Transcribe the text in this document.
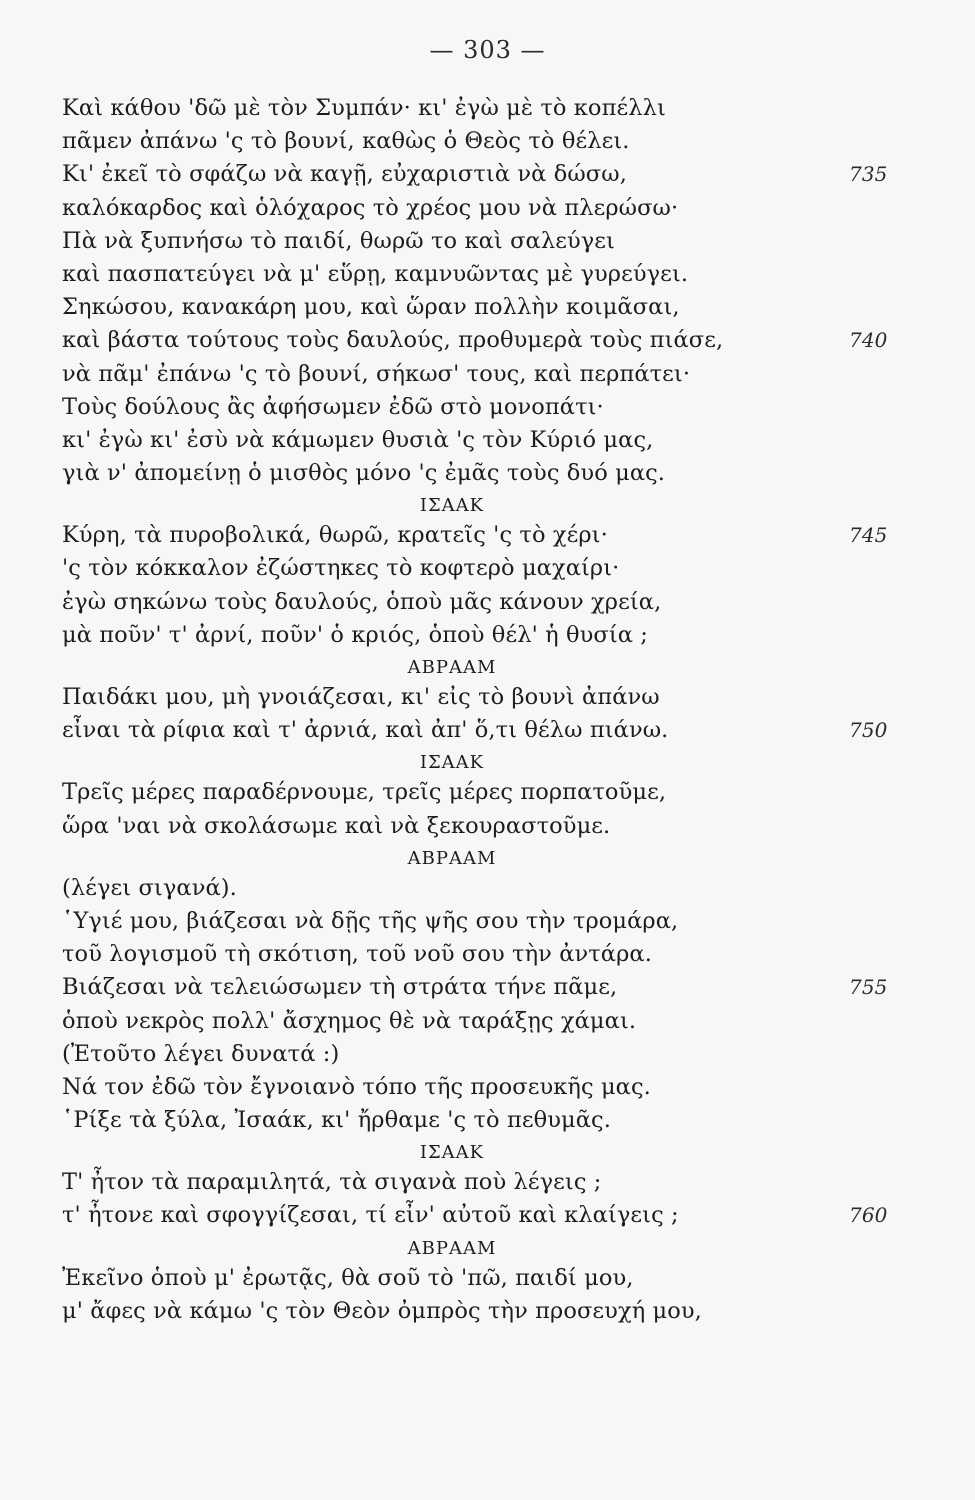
— 303 —
Καὶ κάθου 'δῶ μὲ τὸν Συμπάν· κι' ἐγὼ μὲ τὸ κοπέλλι
πᾶμεν ἀπάνω 'ς τὸ βουνί, καθὼς ὁ Θεὸς τὸ θέλει.
Κι' ἐκεῖ τὸ σφάζω νὰ καγῇ, εὐχαριστιὰ νὰ δώσω,	735
καλόκαρδος καὶ ὁλόχαρος τὸ χρέος μου νὰ πλερώσω·
Πὰ νὰ ξυπνήσω τὸ παιδί, θωρῶ το καὶ σαλεύγει
καὶ πασπατεύγει νὰ μ' εὕρῃ, καμνυῶντας μὲ γυρεύγει.
Σηκώσου, κανακάρη μου, καὶ ὥραν πολλὴν κοιμᾶσαι,
καὶ βάστα τούτους τοὺς δαυλούς, προθυμερὰ τοὺς πιάσε,	740
νὰ πᾶμ' ἐπάνω 'ς τὸ βουνί, σήκωσ' τους, καὶ περπάτει·
Τοὺς δούλους ἂς ἀφήσωμεν ἐδῶ στὸ μονοπάτι·
κι' ἐγὼ κι' ἐσὺ νὰ κάμωμεν θυσιὰ 'ς τὸν Κύριό μας,
γιὰ ν' ἀπομείνῃ ὁ μισθὸς μόνο 'ς ἐμᾶς τοὺς δυό μας.
ΙΣΑΑΚ
Κύρη, τὰ πυροβολικά, θωρῶ, κρατεῖς 'ς τὸ χέρι·	745
'ς τὸν κόκκαλον ἐζώστηκες τὸ κοφτερὸ μαχαίρι·
ἐγὼ σηκώνω τοὺς δαυλούς, ὁποὺ μᾶς κάνουν χρεία,
μὰ ποῦν' τ' ἀρνί, ποῦν' ὁ κριός, ὁποὺ θέλ' ἡ θυσία ;
ΑΒΡΑΑΜ
Παιδάκι μου, μὴ γνοιάζεσαι, κι' εἰς τὸ βουνὶ ἀπάνω
εἶναι τὰ ρίφια καὶ τ' ἀρνιά, καὶ ἀπ' ὅ,τι θέλω πιάνω.	750
ΙΣΑΑΚ
Τρεῖς μέρες παραδέρνουμε, τρεῖς μέρες πορπατοῦμε,
ὥρα 'ναι νὰ σκολάσωμε καὶ νὰ ξεκουραστοῦμε.
ΑΒΡΑΑΜ
(λέγει σιγανά).
῾Υγιέ μου, βιάζεσαι νὰ δῇς τῆς ψῆς σου τὴν τρομάρα,
τοῦ λογισμοῦ τὴ σκότιση, τοῦ νοῦ σου τὴν ἀντάρα.
Βιάζεσαι νὰ τελειώσωμεν τὴ στράτα τήνε πᾶμε,	755
ὁποὺ νεκρὸς πολλ' ἄσχημος θὲ νὰ ταράξῃς χάμαι.
(Ἐτοῦτο λέγει δυνατά :)
Νά τον ἐδῶ τὸν ἔγνοιανὸ τόπο τῆς προσευκῆς μας.
῾Ρίξε τὰ ξύλα, Ἰσαάκ, κι' ἤρθαμε 'ς τὸ πεθυμᾶς.
ΙΣΑΑΚ
Τ' ἦτον τὰ παραμιλητά, τὰ σιγανὰ ποὺ λέγεις ;
τ' ἦτονε καὶ σφογγίζεσαι, τί εἶν' αὐτοῦ καὶ κλαίγεις ;	760
ΑΒΡΑΑΜ
Ἐκεῖνο ὁποὺ μ' ἐρωτᾷς, θὰ σοῦ τὸ 'πῶ, παιδί μου,
μ' ἄφες νὰ κάμω 'ς τὸν Θεὸν ὀμπρὸς τὴν προσευχή μου,
